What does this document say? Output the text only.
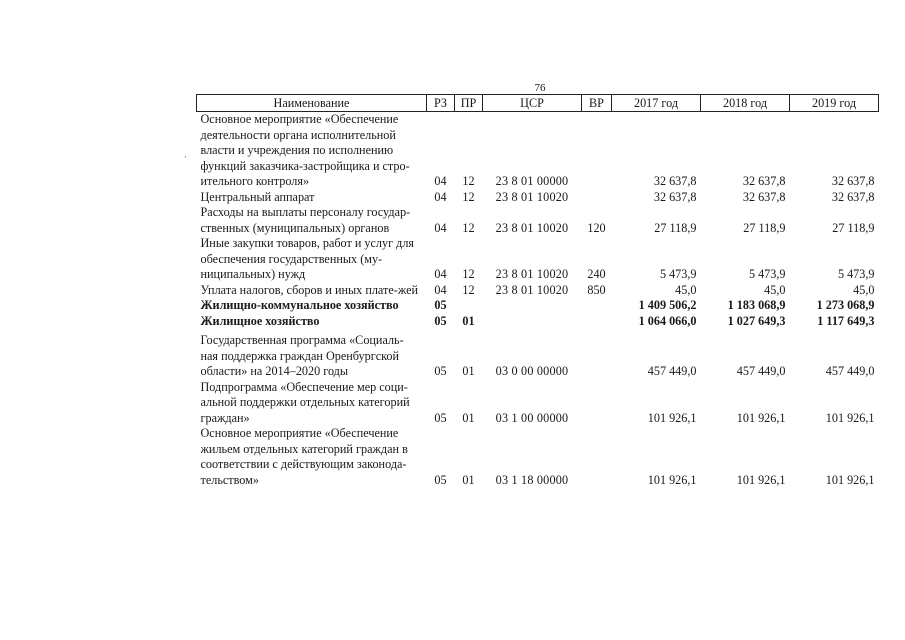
76
·
Наименование	РЗ	ПР	ЦСР	ВР	2017 год	2018 год	2019 год
Основное мероприятие «Обеспечение деятельности органа исполнительной власти и учреждения по исполнению функций заказчика-застройщика и стро-ительного контроля»	04	12	23 8 01 00000		32 637,8	32 637,8	32 637,8
Центральный аппарат	04	12	23 8 01 10020		32 637,8	32 637,8	32 637,8
Расходы на выплаты персоналу государ-ственных (муниципальных) органов	04	12	23 8 01 10020	120	27 118,9	27 118,9	27 118,9
Иные закупки товаров, работ и услуг для обеспечения государственных (му-ниципальных) нужд	04	12	23 8 01 10020	240	5 473,9	5 473,9	5 473,9
Уплата налогов, сборов и иных плате-жей	04	12	23 8 01 10020	850	45,0	45,0	45,0
Жилищно-коммунальное хозяйство	05				1 409 506,2	1 183 068,9	1 273 068,9
Жилищное хозяйство	05	01			1 064 066,0	1 027 649,3	1 117 649,3
Государственная программа «Социаль-ная поддержка граждан Оренбургской области» на 2014–2020 годы	05	01	03 0 00 00000		457 449,0	457 449,0	457 449,0
Подпрограмма «Обеспечение мер соци-альной поддержки отдельных категорий граждан»	05	01	03 1 00 00000		101 926,1	101 926,1	101 926,1
Основное мероприятие «Обеспечение жильем отдельных категорий граждан в соответствии с действующим законода-тельством»	05	01	03 1 18 00000		101 926,1	101 926,1	101 926,1
